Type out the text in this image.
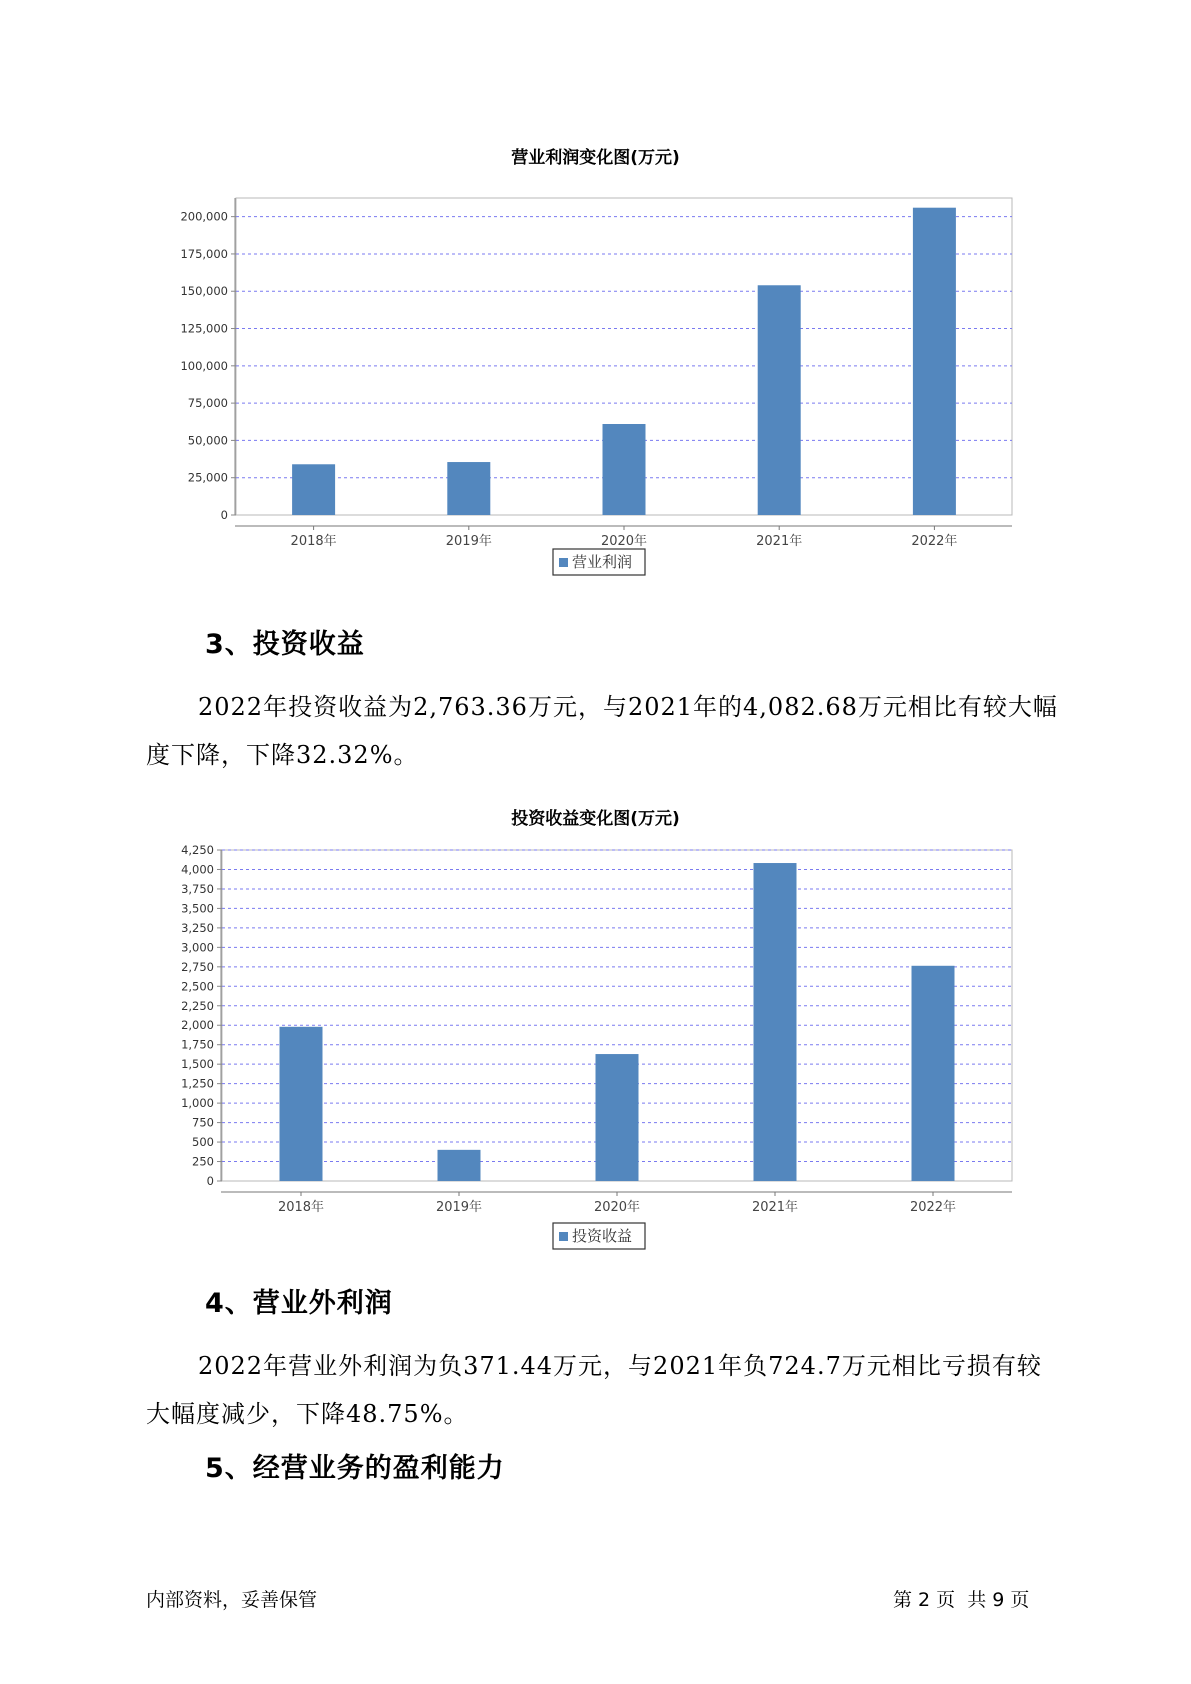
营业利润变化图(万元)
0
25,000
50,000
75,000
100,000
125,000
150,000
175,000
200,000
2018年	2019年	2020年	2021年	2022年
营业利润
3、投资收益

2022年投资收益为2,763.36万元，与2021年的4,082.68万元相比有较大幅度下降，下降32.32%。

投资收益变化图(万元)
0
250
500
750
1,000
1,250
1,500
1,750
2,000
2,250
2,500
2,750
3,000
3,250
3,500
3,750
4,000
4,250
2018年	2019年	2020年	2021年	2022年
投资收益
4、营业外利润

2022年营业外利润为负371.44万元，与2021年负724.7万元相比亏损有较大幅度减少，下降48.75%。

5、经营业务的盈利能力
内部资料，妥善保管	第 2 页  共 9 页
